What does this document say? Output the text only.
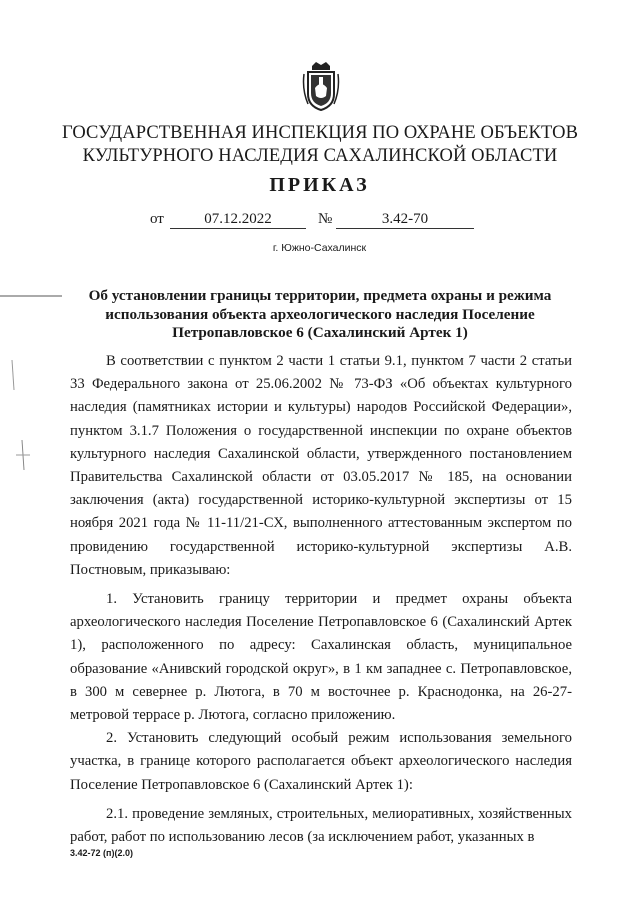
ГОСУДАРСТВЕННАЯ ИНСПЕКЦИЯ ПО ОХРАНЕ ОБЪЕКТОВ КУЛЬТУРНОГО НАСЛЕДИЯ САХАЛИНСКОЙ ОБЛАСТИ
ПРИКАЗ
от	07.12.2022	№	3.42-70
г. Южно-Сахалинск
Об установлении границы территории, предмета охраны и режима использования объекта археологического наследия Поселение Петропавловское 6 (Сахалинский Артек 1)

В соответствии с пунктом 2 части 1 статьи 9.1, пунктом 7 части 2 статьи 33 Федерального закона от 25.06.2002 № 73-ФЗ «Об объектах культурного наследия (памятниках истории и культуры) народов Российской Федерации», пунктом 3.1.7 Положения о государственной инспекции по охране объектов культурного наследия Сахалинской области, утвержденного постановлением Правительства Сахалинской области от 03.05.2017 № 185, на основании заключения (акта) государственной историко-культурной экспертизы от 15 ноября 2021 года № 11-11/21-СХ, выполненного аттестованным экспертом по провидению государственной историко-культурной экспертизы А.В. Постновым, приказываю:

1. Установить границу территории и предмет охраны объекта археологического наследия Поселение Петропавловское 6 (Сахалинский Артек 1), расположенного по адресу: Сахалинская область, муниципальное образование «Анивский городской округ», в 1 км западнее с. Петропавловское, в 300 м севернее р. Лютога, в 70 м восточнее р. Краснодонка, на 26-27-метровой террасе р. Лютога, согласно приложению.

2. Установить следующий особый режим использования земельного участка, в границе которого располагается объект археологического наследия Поселение Петропавловское 6 (Сахалинский Артек 1):

2.1. проведение земляных, строительных, мелиоративных, хозяйственных работ, работ по использованию лесов (за исключением работ, указанных в

3.42-72 (п)(2.0)
